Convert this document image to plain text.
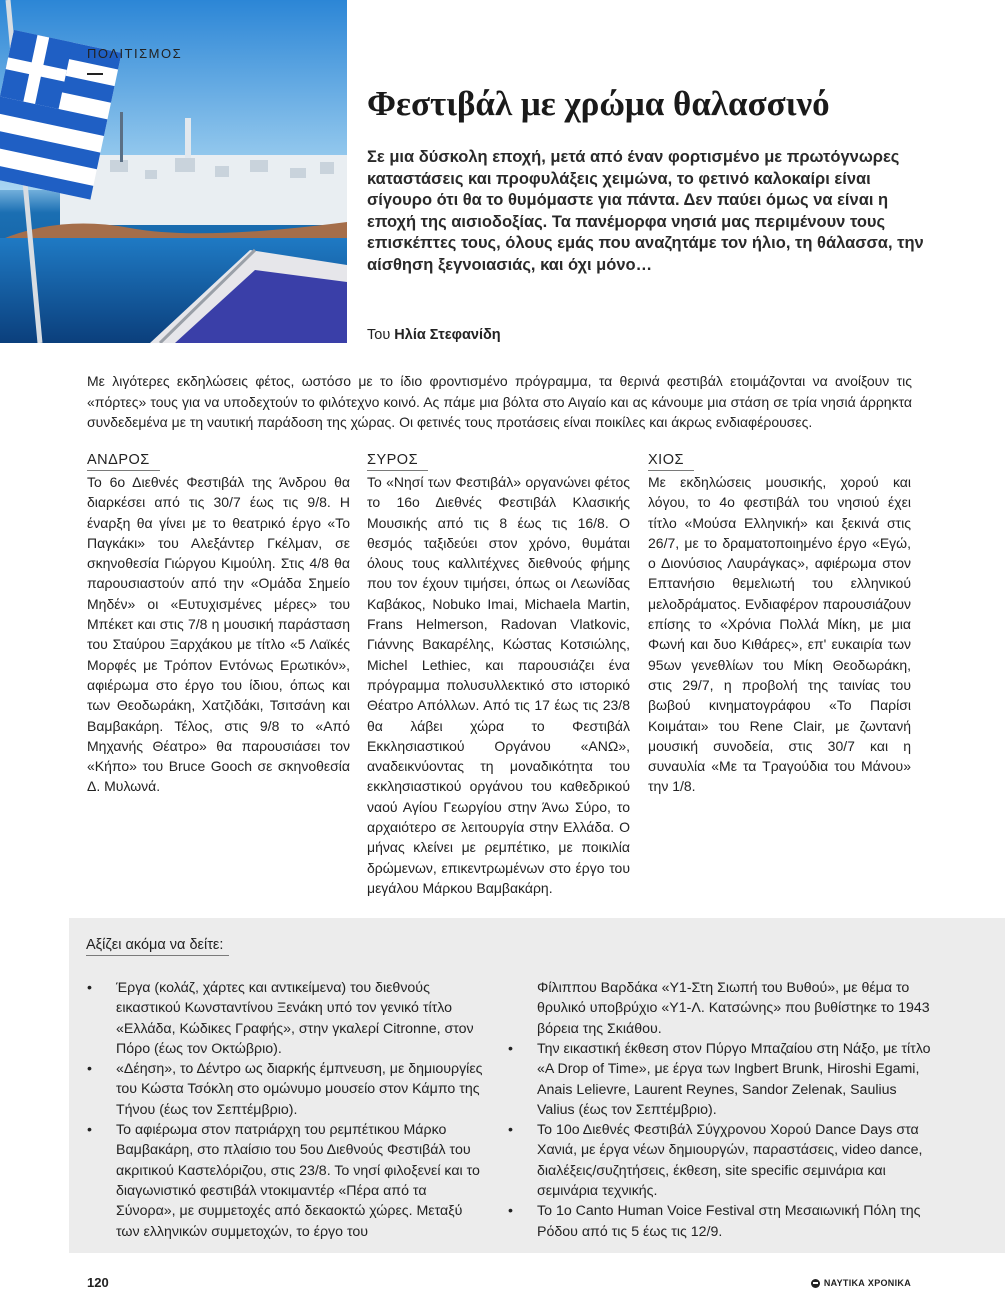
ΠΟΛΙΤΙΣΜΟΣ
Φεστιβάλ με χρώμα θαλασσινό

Σε μια δύσκολη εποχή, μετά από έναν φορτισμένο με πρωτόγνωρες καταστάσεις και προφυλάξεις χειμώνα, το φετινό καλοκαίρι είναι σίγουρο ότι θα το θυμόμαστε για πάντα. Δεν παύει όμως να είναι η εποχή της αισιοδοξίας. Τα πανέμορφα νησιά μας περιμένουν τους επισκέπτες τους, όλους εμάς που αναζητάμε τον ήλιο, τη θάλασσα, την αίσθηση ξεγνοιασιάς, και όχι μόνο…

Του Ηλία Στεφανίδη

Με λιγότερες εκδηλώσεις φέτος, ωστόσο με το ίδιο φροντισμένο πρόγραμμα, τα θερινά φεστιβάλ ετοιμάζονται να ανοίξουν τις «πόρτες» τους για να υποδεχτούν το φιλότεχνο κοινό. Ας πάμε μια βόλτα στο Αιγαίο και ας κάνουμε μια στάση σε τρία νησιά άρρηκτα συνδεδεμένα με τη ναυτική παράδοση της χώρας. Οι φετινές τους προτάσεις είναι ποικίλες και άκρως ενδιαφέρουσες.

ΑΝΔΡΟΣ

Το 6ο Διεθνές Φεστιβάλ της Άνδρου θα διαρκέσει από τις 30/7 έως τις 9/8. Η έναρξη θα γίνει με το θεατρικό έργο «Το Παγκάκι» του Αλεξάντερ Γκέλμαν, σε σκηνοθεσία Γιώργου Κιμούλη. Στις 4/8 θα παρουσιαστούν από την «Ομάδα Σημείο Μηδέν» οι «Ευτυχισμένες μέρες» του Μπέκετ και στις 7/8 η μουσική παράσταση του Σταύρου Ξαρχάκου με τίτλο «5 Λαϊκές Μορφές με Τρόπον Εντόνως Ερωτικόν», αφιέρωμα στο έργο του ίδιου, όπως και των Θεοδωράκη, Χατζιδάκι, Τσιτσάνη και Βαμβακάρη. Τέλος, στις 9/8 το «Από Μηχανής Θέατρο» θα παρουσιάσει τον «Κήπο» του Bruce Gooch σε σκηνοθεσία Δ. Μυλωνά.

ΣΥΡΟΣ

Το «Νησί των Φεστιβάλ» οργανώνει φέτος το 16ο Διεθνές Φεστιβάλ Κλασικής Μουσικής από τις 8 έως τις 16/8. Ο θεσμός ταξιδεύει στον χρόνο, θυμάται όλους τους καλλιτέχνες διεθνούς φήμης που τον έχουν τιμήσει, όπως οι Λεωνίδας Καβάκος, Nobuko Imai, Michaela Martin, Frans Helmerson, Radovan Vlatkovic, Γιάννης Βακαρέλης, Κώστας Κοτσιώλης, Michel Lethiec, και παρουσιάζει ένα πρόγραμμα πολυσυλλεκτικό στο ιστορικό Θέατρο Απόλλων. Από τις 17 έως τις 23/8 θα λάβει χώρα το Φεστιβάλ Εκκλησιαστικού Οργάνου «ΑΝΩ», αναδεικνύοντας τη μοναδικότητα του εκκλησιαστικού οργάνου του καθεδρικού ναού Αγίου Γεωργίου στην Άνω Σύρο, το αρχαιότερο σε λειτουργία στην Ελλάδα. Ο μήνας κλείνει με ρεμπέτικο, με ποικιλία δρώμενων, επικεντρωμένων στο έργο του μεγάλου Μάρκου Βαμβακάρη.

ΧΙΟΣ

Με εκδηλώσεις μουσικής, χορού και λόγου, το 4ο φεστιβάλ του νησιού έχει τίτλο «Μούσα Ελληνική» και ξεκινά στις 26/7, με το δραματοποιημένο έργο «Εγώ, ο Διονύσιος Λαυράγκας», αφιέρωμα στον Επτανήσιο θεμελιωτή του ελληνικού μελοδράματος. Ενδιαφέρον παρουσιάζουν επίσης το «Χρόνια Πολλά Μίκη, με μια Φωνή και δυο Κιθάρες», επ' ευκαιρία των 95ων γενεθλίων του Μίκη Θεοδωράκη, στις 29/7, η προβολή της ταινίας του βωβού κινηματογράφου «Το Παρίσι Κοιμάται» του Rene Clair, με ζωντανή μουσική συνοδεία, στις 30/7 και η συναυλία «Με τα Τραγούδια του Μάνου» την 1/8.

Αξίζει ακόμα να δείτε:
• Έργα (κολάζ, χάρτες και αντικείμενα) του διεθνούς εικαστικού Κωνσταντίνου Ξενάκη υπό τον γενικό τίτλο «Ελλάδα, Κώδικες Γραφής», στην γκαλερί Citronne, στον Πόρο (έως τον Οκτώβριο).
• «Δέηση», το Δέντρο ως διαρκής έμπνευση, με δημιουργίες του Κώστα Τσόκλη στο ομώνυμο μουσείο στον Κάμπο της Τήνου (έως τον Σεπτέμβριο).
• Το αφιέρωμα στον πατριάρχη του ρεμπέτικου Μάρκο Βαμβακάρη, στο πλαίσιο του 5ου Διεθνούς Φεστιβάλ του ακριτικού Καστελόριζου, στις 23/8. Το νησί φιλοξενεί και το διαγωνιστικό φεστιβάλ ντοκιμαντέρ «Πέρα από τα Σύνορα», με συμμετοχές από δεκαοκτώ χώρες. Μεταξύ των ελληνικών συμμετοχών, το έργο του

Φίλιππου Βαρδάκα «Υ1-Στη Σιωπή του Βυθού», με θέμα το θρυλικό υποβρύχιο «Υ1-Λ. Κατσώνης» που βυθίστηκε το 1943 βόρεια της Σκιάθου.

• Την εικαστική έκθεση στον Πύργο Μπαζαίου στη Νάξο, με τίτλο «A Drop of Time», με έργα των Ingbert Brunk, Hiroshi Egami, Anais Lelievre, Laurent Reynes, Sandor Zelenak, Saulius Valius (έως τον Σεπτέμβριο).
• Το 10ο Διεθνές Φεστιβάλ Σύγχρονου Χορού Dance Days στα Χανιά, με έργα νέων δημιουργών, παραστάσεις, video dance, διαλέξεις/συζητήσεις, έκθεση, site specific σεμινάρια και σεμινάρια τεχνικής.
• Το 1ο Canto Human Voice Festival στη Μεσαιωνική Πόλη της Ρόδου από τις 5 έως τις 12/9.
120	ΝΑΥΤΙΚΑ ΧΡΟΝΙΚΑ
